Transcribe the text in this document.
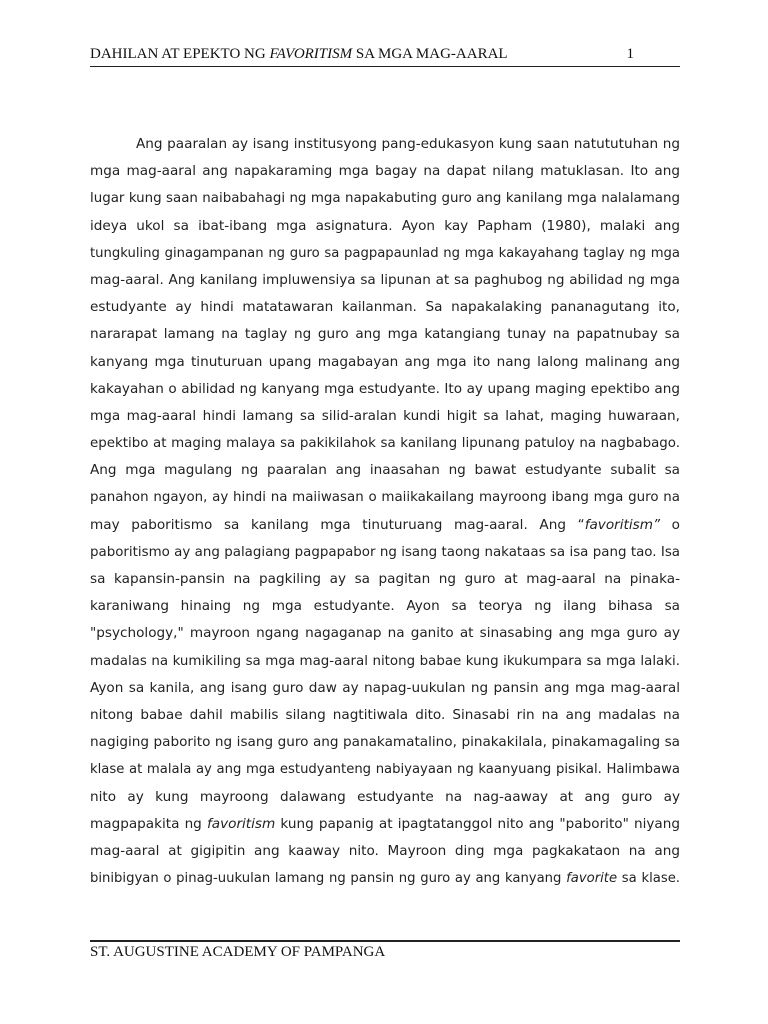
DAHILAN AT EPEKTO NG FAVORITISM SA MGA MAG-AARAL	1
Ang paaralan ay isang institusyong pang-edukasyon kung saan natututuhan ng
mga mag-aaral ang napakaraming mga bagay na dapat nilang matuklasan. Ito ang
lugar kung saan naibabahagi ng mga napakabuting guro ang kanilang mga nalalamang
ideya ukol sa ibat-ibang mga asignatura. Ayon kay Papham (1980), malaki ang
tungkuling ginagampanan ng guro sa pagpapaunlad ng mga kakayahang taglay ng mga
mag-aaral. Ang kanilang impluwensiya sa lipunan at sa paghubog ng abilidad ng mga
estudyante ay hindi matatawaran kailanman. Sa napakalaking pananagutang ito,
nararapat lamang na taglay ng guro ang mga katangiang tunay na papatnubay sa
kanyang mga tinuturuan upang magabayan ang mga ito nang lalong malinang ang
kakayahan o abilidad ng kanyang mga estudyante. Ito ay upang maging epektibo ang
mga mag-aaral hindi lamang sa silid-aralan kundi higit sa lahat, maging huwaraan,
epektibo at maging malaya sa pakikilahok sa kanilang lipunang patuloy na nagbabago.
Ang mga magulang ng paaralan ang inaasahan ng bawat estudyante subalit sa
panahon ngayon, ay hindi na maiiwasan o maiikakailang mayroong ibang mga guro na
may paboritismo sa kanilang mga tinuturuang mag-aaral. Ang “favoritism” o
paboritismo ay ang palagiang pagpapabor ng isang taong nakataas sa isa pang tao. Isa
sa kapansin-pansin na pagkiling ay sa pagitan ng guro at mag-aaral na pinaka-
karaniwang hinaing ng mga estudyante. Ayon sa teorya ng ilang bihasa sa
"psychology," mayroon ngang nagaganap na ganito at sinasabing ang mga guro ay
madalas na kumikiling sa mga mag-aaral nitong babae kung ikukumpara sa mga lalaki.
Ayon sa kanila, ang isang guro daw ay napag-uukulan ng pansin ang mga mag-aaral
nitong babae dahil mabilis silang nagtitiwala dito. Sinasabi rin na ang madalas na
nagiging paborito ng isang guro ang panakamatalino, pinakakilala, pinakamagaling sa
klase at malala ay ang mga estudyanteng nabiyayaan ng kaanyuang pisikal. Halimbawa
nito ay kung mayroong dalawang estudyante na nag-aaway at ang guro ay
magpapakita ng favoritism kung papanig at ipagtatanggol nito ang "paborito" niyang
mag-aaral at gigipitin ang kaaway nito. Mayroon ding mga pagkakataon na ang
binibigyan o pinag-uukulan lamang ng pansin ng guro ay ang kanyang favorite sa klase.
ST. AUGUSTINE ACADEMY OF PAMPANGA
